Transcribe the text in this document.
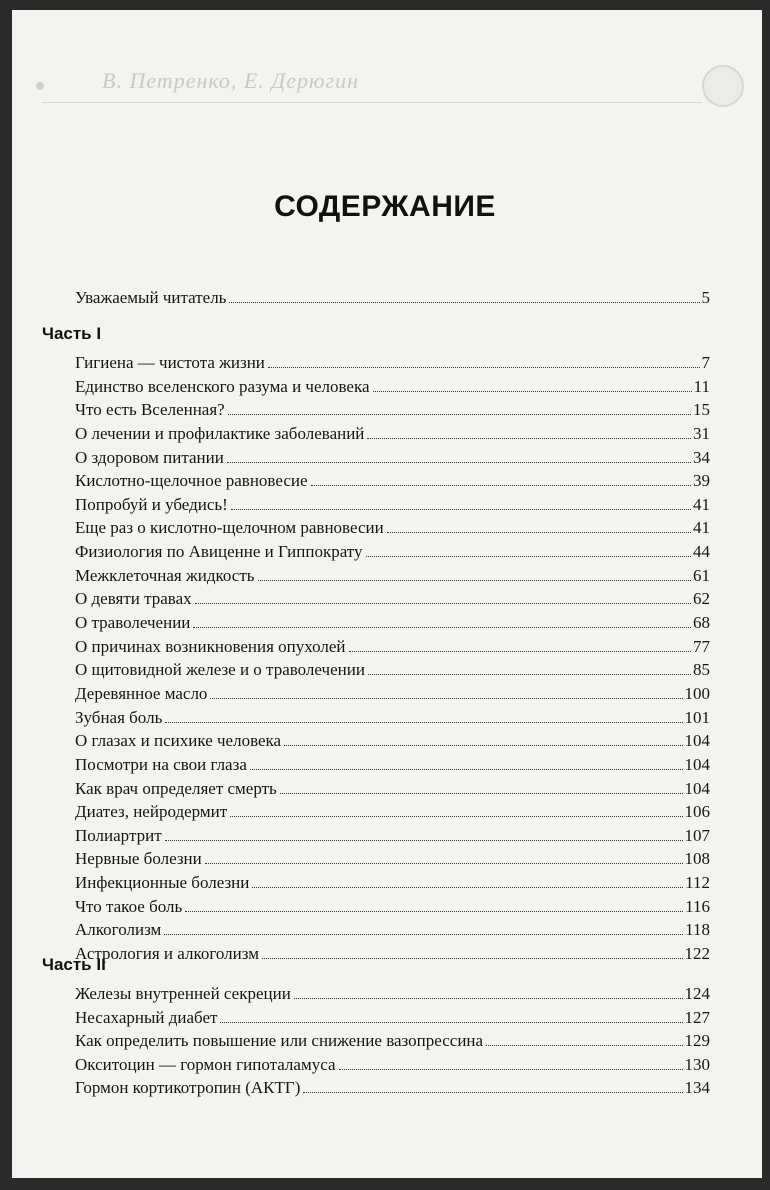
В. Петренко, Е. Дерюгин
СОДЕРЖАНИЕ
Уважаемый читатель	5
Часть I
Часть II
Гигиена — чистота жизни	7
Единство вселенского разума и человека	11
Что есть Вселенная?	15
О лечении и профилактике заболеваний	31
О здоровом питании	34
Кислотно-щелочное равновесие	39
Попробуй и убедись!	41
Еще раз о кислотно-щелочном равновесии	41
Физиология по Авиценне и Гиппократу	44
Межклеточная жидкость	61
О девяти травах	62
О траволечении	68
О причинах возникновения опухолей	77
О щитовидной железе и о траволечении	85
Деревянное масло	100
Зубная боль	101
О глазах и психике человека	104
Посмотри на свои глаза	104
Как врач определяет смерть	104
Диатез, нейродермит	106
Полиартрит	107
Нервные болезни	108
Инфекционные болезни	112
Что такое боль	116
Алкоголизм	118
Астрология и алкоголизм	122
Железы внутренней секреции	124
Несахарный диабет	127
Как определить повышение или снижение вазопрессина	129
Окситоцин — гормон гипоталамуса	130
Гормон кортикотропин (АКТГ)	134
